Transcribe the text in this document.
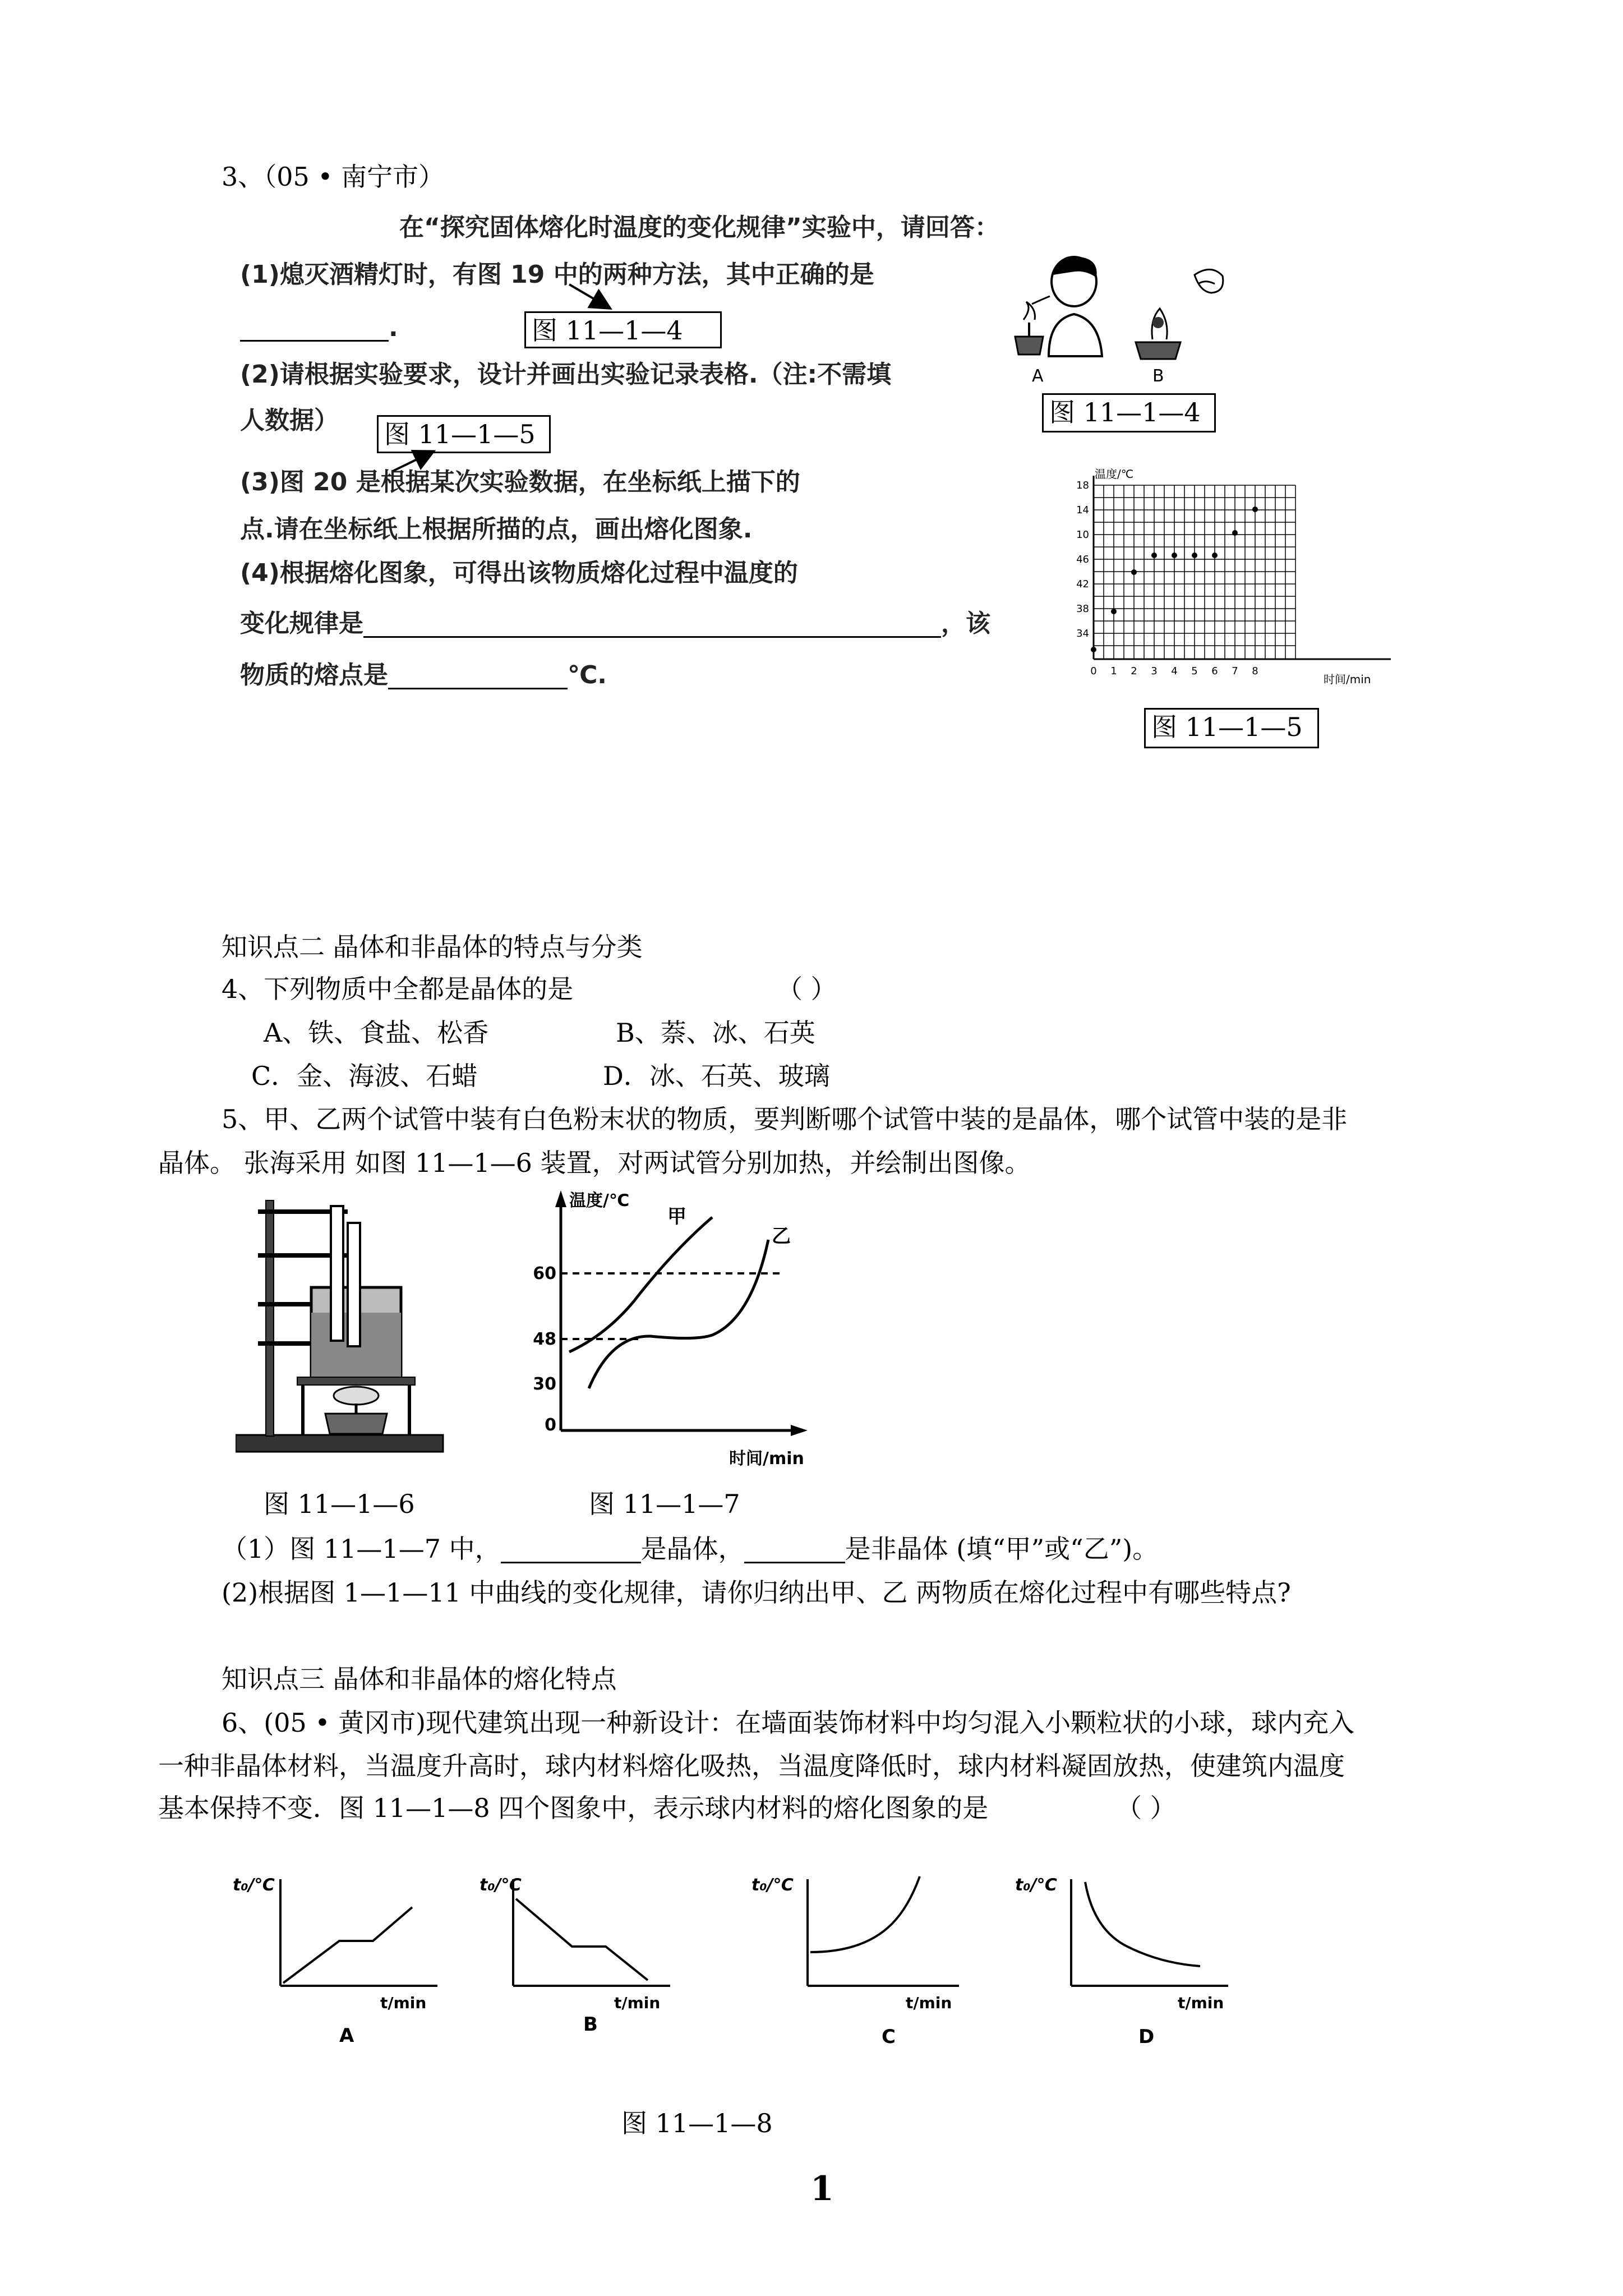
3、（05 • 南宁市）
在“探究固体熔化时温度的变化规律”实验中，请回答：
(1)熄灭酒精灯时，有图 19 中的两种方法，其中正确的是
.	图 11—1—4
(2)请根据实验要求，设计并画出实验记录表格.（注:不需填
人数据） 图 11—1—5
(3)图 20 是根据某次实验数据，在坐标纸上描下的
点.请在坐标纸上根据所描的点，画出熔化图象.
(4)根据熔化图象，可得出该物质熔化过程中温度的
变化规律是	，该
物质的熔点是	℃.
A	B
图 11—1—4
温度/℃
时间/min
18
14
10
46
42
38
34
0 1 2 3 4 5 6 7 8
图 11—1—5
知识点二 晶体和非晶体的特点与分类
4、下列物质中全都是晶体的是	（ ）
A、铁、食盐、松香	B、萘、冰、石英
C．金、海波、石蜡	D．冰、石英、玻璃
5、甲、乙两个试管中装有白色粉末状的物质，要判断哪个试管中装的是晶体，哪个试管中装的是非
晶体。 张海采用 如图 11—1—6 装置，对两试管分别加热，并绘制出图像。
温度/℃
时间/min
60
48
30
0
甲
乙
图 11—1—6	图 11—1—7
（1）图 11—1—7 中，	是晶体，	是非晶体 (填“甲”或“乙”)。
(2)根据图 1—1—11 中曲线的变化规律，请你归纳出甲、乙 两物质在熔化过程中有哪些特点?
知识点三 晶体和非晶体的熔化特点
6、(05 • 黄冈市)现代建筑出现一种新设计：在墙面装饰材料中均匀混入小颗粒状的小球，球内充入
一种非晶体材料，当温度升高时，球内材料熔化吸热，当温度降低时，球内材料凝固放热，使建筑内温度
基本保持不变．图 11—1—8 四个图象中，表示球内材料的熔化图象的是	（ ）
t₀/℃
t/min
A
t₀/℃
t/min
B
t₀/℃
t/min
C
t₀/℃
t/min
D
图 11—1—8
1
